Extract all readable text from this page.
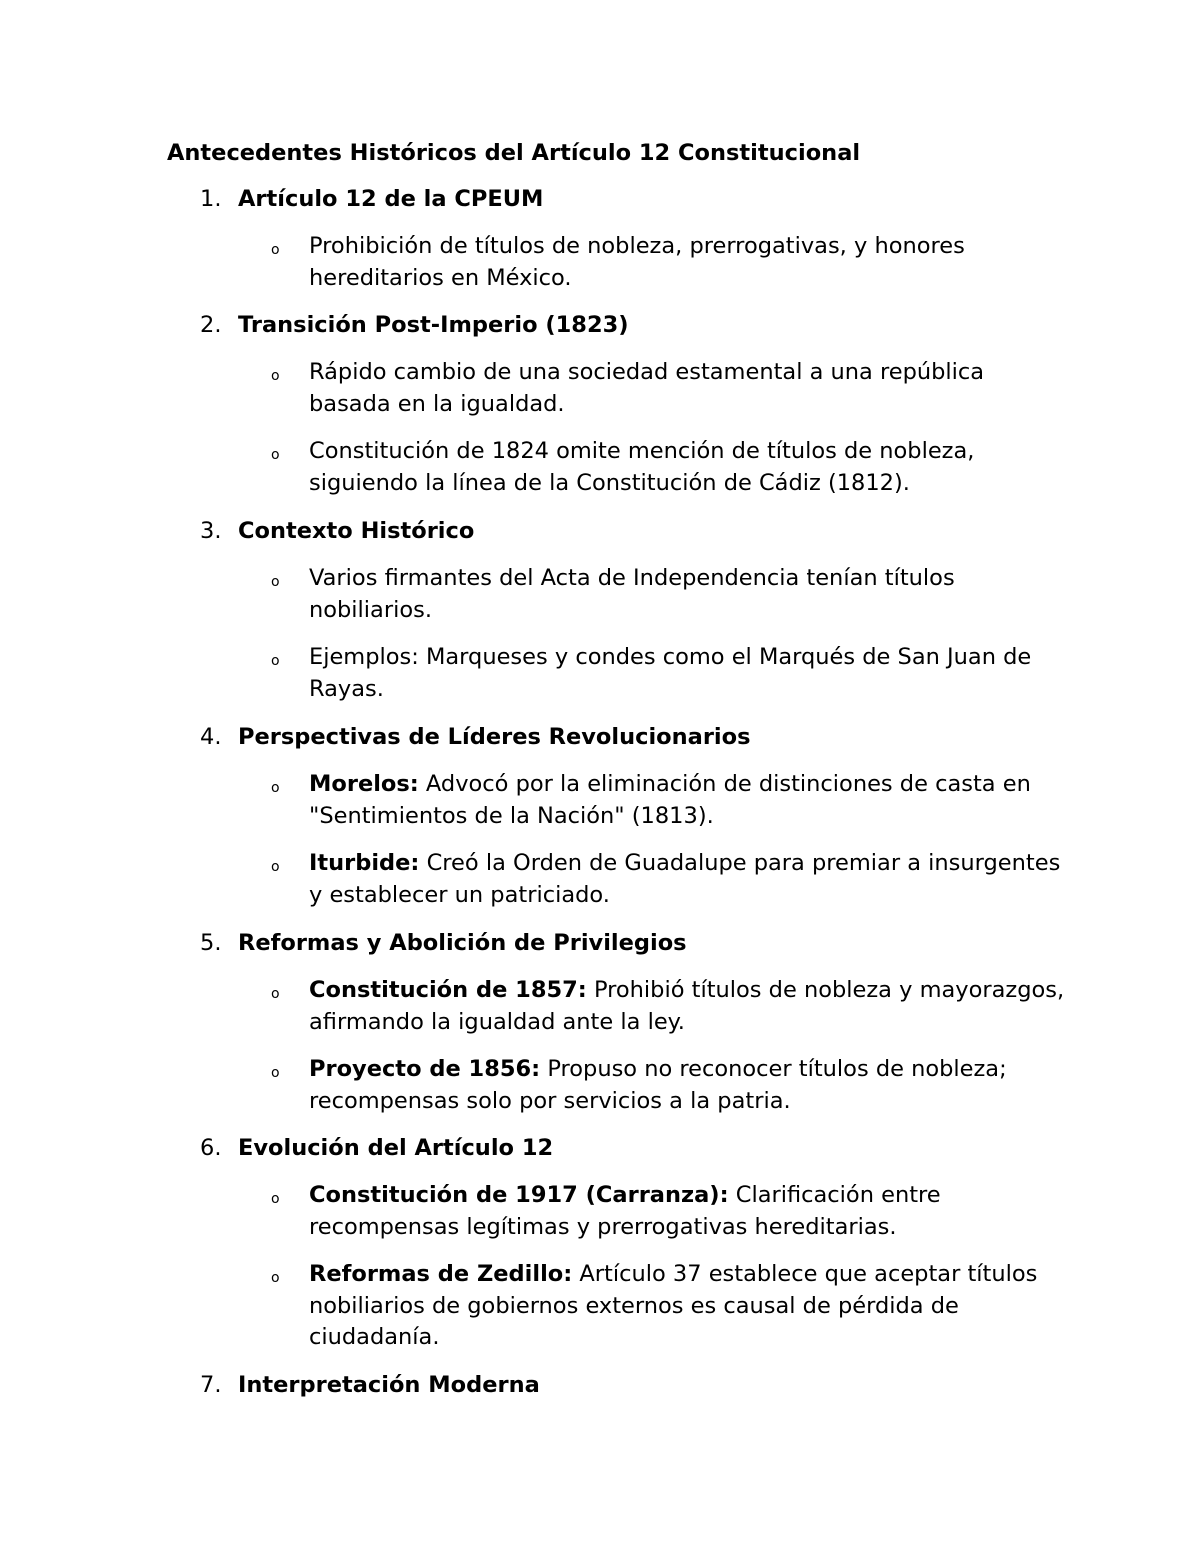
Antecedentes Históricos del Artículo 12 Constitucional
1. Artículo 12 de la CPEUM
o Prohibición de títulos de nobleza, prerrogativas, y honores hereditarios en México.
2. Transición Post-Imperio (1823)
o Rápido cambio de una sociedad estamental a una república basada en la igualdad.
o Constitución de 1824 omite mención de títulos de nobleza, siguiendo la línea de la Constitución de Cádiz (1812).
3. Contexto Histórico
o Varios firmantes del Acta de Independencia tenían títulos nobiliarios.
o Ejemplos: Marqueses y condes como el Marqués de San Juan de Rayas.
4. Perspectivas de Líderes Revolucionarios
o Morelos: Advocó por la eliminación de distinciones de casta en "Sentimientos de la Nación" (1813).
o Iturbide: Creó la Orden de Guadalupe para premiar a insurgentes y establecer un patriciado.
5. Reformas y Abolición de Privilegios
o Constitución de 1857: Prohibió títulos de nobleza y mayorazgos, afirmando la igualdad ante la ley.
o Proyecto de 1856: Propuso no reconocer títulos de nobleza; recompensas solo por servicios a la patria.
6. Evolución del Artículo 12
o Constitución de 1917 (Carranza): Clarificación entre recompensas legítimas y prerrogativas hereditarias.
o Reformas de Zedillo: Artículo 37 establece que aceptar títulos nobiliarios de gobiernos externos es causal de pérdida de ciudadanía.
7. Interpretación Moderna
